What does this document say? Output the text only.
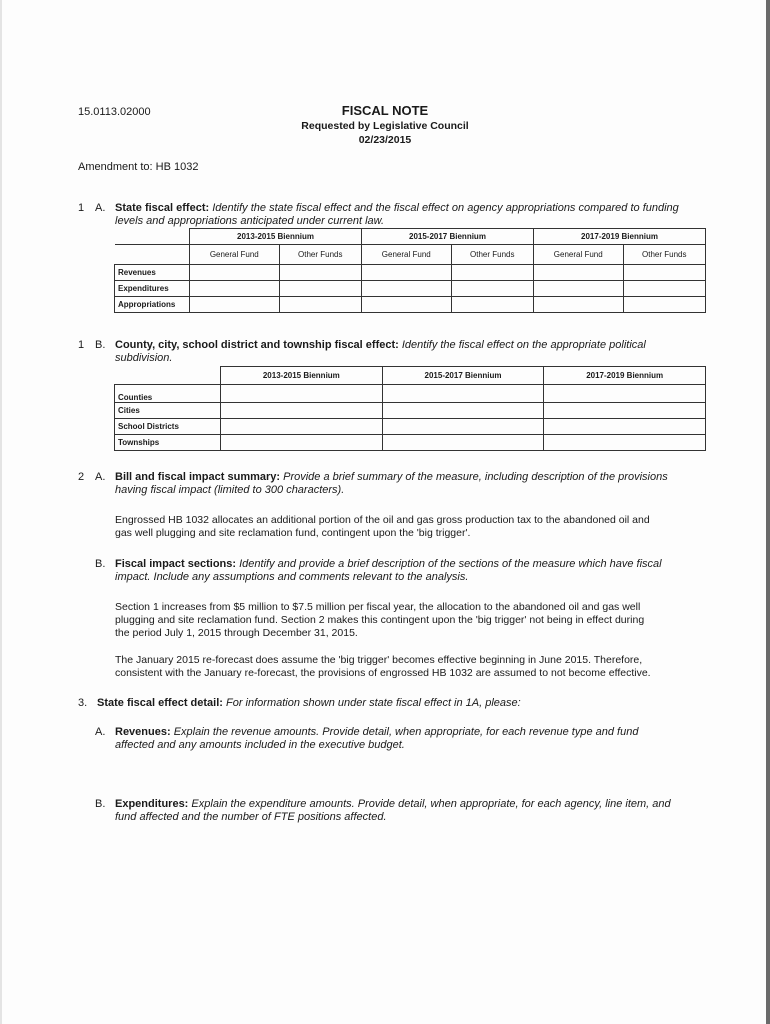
15.0113.02000	FISCAL NOTE
Requested by Legislative Council
02/23/2015
Amendment to: HB 1032
1 A. State fiscal effect: Identify the state fiscal effect and the fiscal effect on agency appropriations compared to funding
levels and appropriations anticipated under current law.
	2013-2015 Biennium		2015-2017 Biennium		2017-2019 Biennium	
	General Fund	Other Funds	General Fund	Other Funds	General Fund	Other Funds
Revenues						
Expenditures						
Appropriations						
1 B. County, city, school district and township fiscal effect: Identify the fiscal effect on the appropriate political
subdivision.
	2013-2015 Biennium	2015-2017 Biennium	2017-2019 Biennium
Counties			
Cities			
School Districts			
Townships			
2 A. Bill and fiscal impact summary: Provide a brief summary of the measure, including description of the provisions
having fiscal impact (limited to 300 characters).
Engrossed HB 1032 allocates an additional portion of the oil and gas gross production tax to the abandoned oil and
gas well plugging and site reclamation fund, contingent upon the 'big trigger'.
B. Fiscal impact sections: Identify and provide a brief description of the sections of the measure which have fiscal
impact. Include any assumptions and comments relevant to the analysis.
Section 1 increases from $5 million to $7.5 million per fiscal year, the allocation to the abandoned oil and gas well
plugging and site reclamation fund. Section 2 makes this contingent upon the 'big trigger' not being in effect during
the period July 1, 2015 through December 31, 2015.
The January 2015 re-forecast does assume the 'big trigger' becomes effective beginning in June 2015. Therefore,
consistent with the January re-forecast, the provisions of engrossed HB 1032 are assumed to not become effective.
3. State fiscal effect detail: For information shown under state fiscal effect in 1A, please:
A. Revenues: Explain the revenue amounts. Provide detail, when appropriate, for each revenue type and fund
affected and any amounts included in the executive budget.
B. Expenditures: Explain the expenditure amounts. Provide detail, when appropriate, for each agency, line item, and
fund affected and the number of FTE positions affected.
